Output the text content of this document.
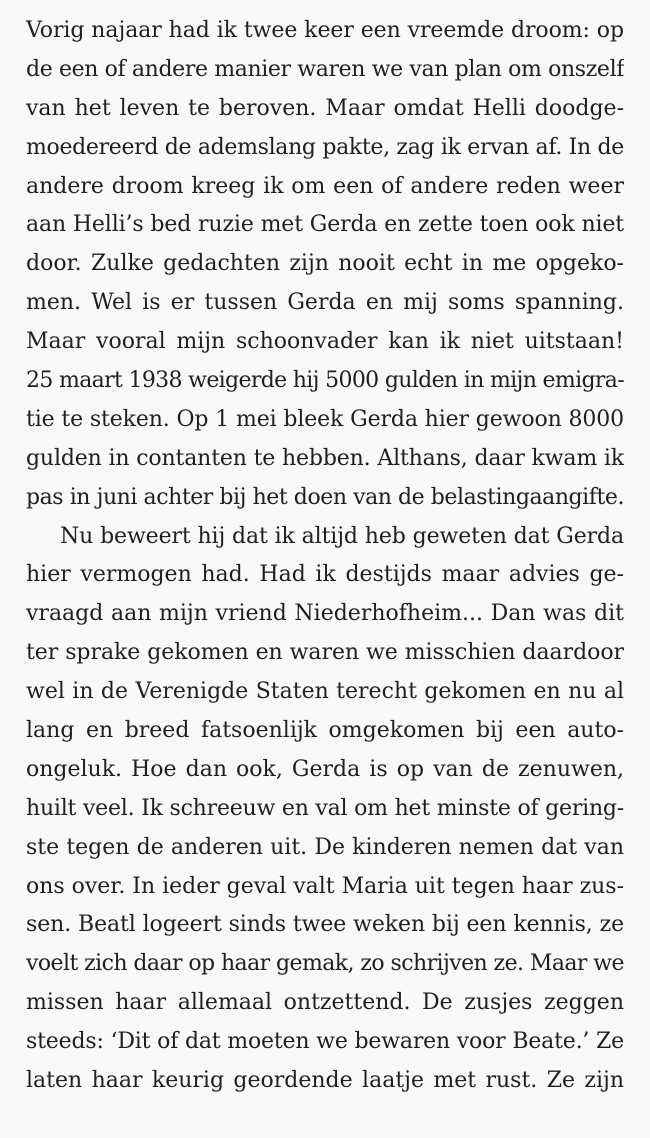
Vorig najaar had ik twee keer een vreemde droom: op
de een of andere manier waren we van plan om onszelf
van het leven te beroven. Maar omdat Helli doodge-
moedereerd de ademslang pakte, zag ik ervan af. In de
andere droom kreeg ik om een of andere reden weer
aan Helli’s bed ruzie met Gerda en zette toen ook niet
door. Zulke gedachten zijn nooit echt in me opgeko-
men. Wel is er tussen Gerda en mij soms spanning.
Maar vooral mijn schoonvader kan ik niet uitstaan!
25 maart 1938 weigerde hij 5000 gulden in mijn emigra-
tie te steken. Op 1 mei bleek Gerda hier gewoon 8000
gulden in contanten te hebben. Althans, daar kwam ik
pas in juni achter bij het doen van de belastingaangifte.
Nu beweert hij dat ik altijd heb geweten dat Gerda
hier vermogen had. Had ik destijds maar advies ge-
vraagd aan mijn vriend Niederhofheim... Dan was dit
ter sprake gekomen en waren we misschien daardoor
wel in de Verenigde Staten terecht gekomen en nu al
lang en breed fatsoenlijk omgekomen bij een auto-
ongeluk. Hoe dan ook, Gerda is op van de zenuwen,
huilt veel. Ik schreeuw en val om het minste of gering-
ste tegen de anderen uit. De kinderen nemen dat van
ons over. In ieder geval valt Maria uit tegen haar zus-
sen. Beatl logeert sinds twee weken bij een kennis, ze
voelt zich daar op haar gemak, zo schrijven ze. Maar we
missen haar allemaal ontzettend. De zusjes zeggen
steeds: ‘Dit of dat moeten we bewaren voor Beate.’ Ze
laten haar keurig geordende laatje met rust. Ze zijn
